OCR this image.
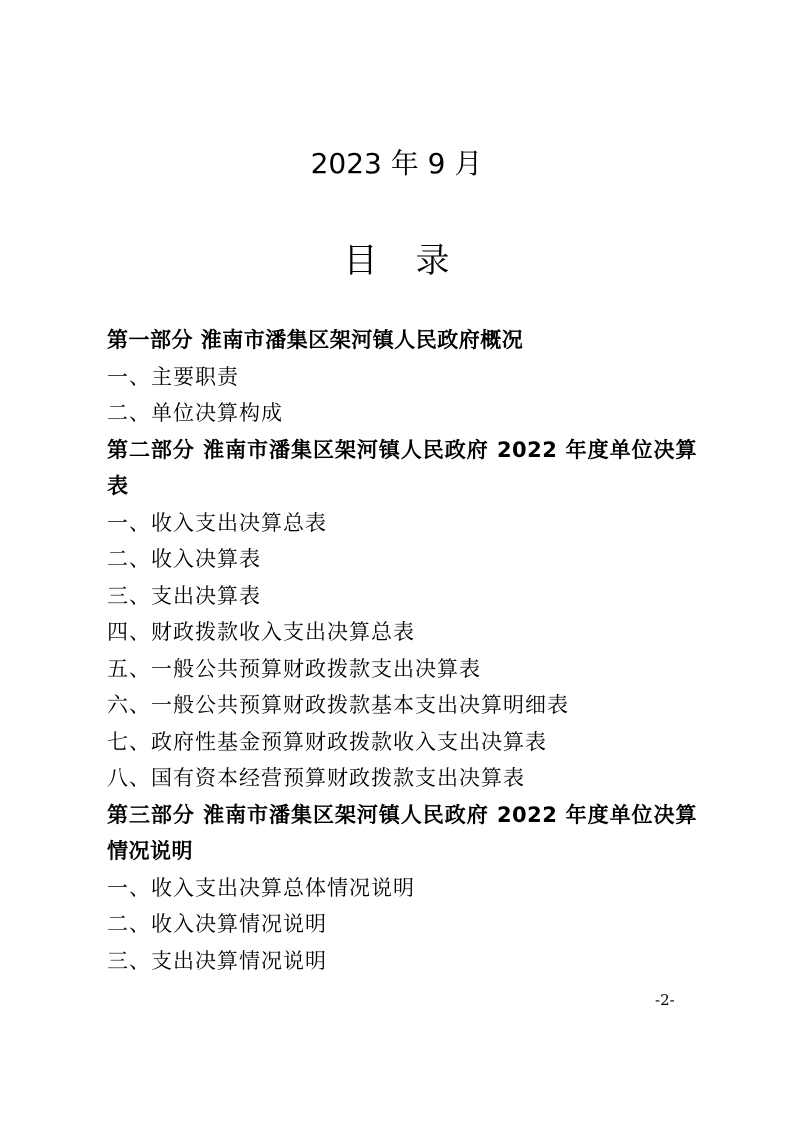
2023 年 9 月
目录
第一部分 淮南市潘集区架河镇人民政府概况
一、主要职责
二、单位决算构成
第二部分 淮南市潘集区架河镇人民政府 2022 年度单位决算表
一、收入支出决算总表
二、收入决算表
三、支出决算表
四、财政拨款收入支出决算总表
五、一般公共预算财政拨款支出决算表
六、一般公共预算财政拨款基本支出决算明细表
七、政府性基金预算财政拨款收入支出决算表
八、国有资本经营预算财政拨款支出决算表
第三部分 淮南市潘集区架河镇人民政府 2022 年度单位决算情况说明
一、收入支出决算总体情况说明
二、收入决算情况说明
三、支出决算情况说明
-2-
